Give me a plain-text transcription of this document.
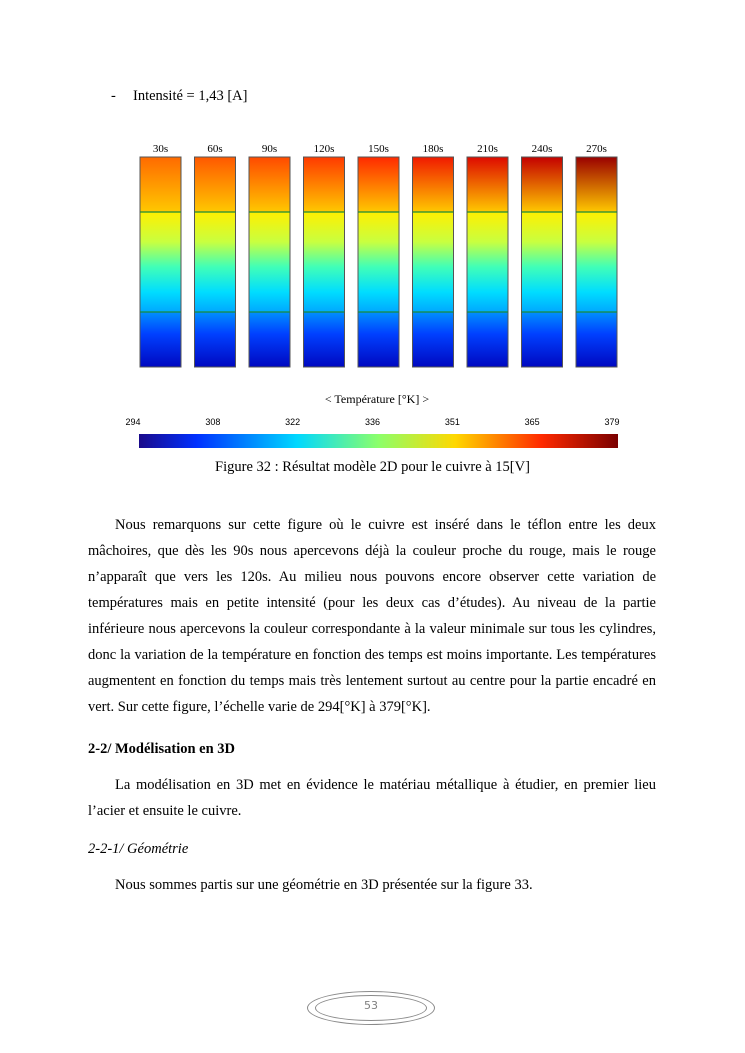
- Intensité = 1,43 [A]
30s	60s	90s	120s	150s	180s	210s	240s	270s
< Température [°K] >
294	308	322	336	351	365	379
Figure 32 : Résultat modèle 2D pour le cuivre à 15[V]

Nous remarquons sur cette figure où le cuivre est inséré dans le téflon entre les deux mâchoires, que dès les 90s nous apercevons déjà la couleur proche du rouge, mais le rouge n’apparaît que vers les 120s. Au milieu nous pouvons encore observer cette variation de températures mais en petite intensité (pour les deux cas d’études). Au niveau de la partie inférieure nous apercevons la couleur correspondante à la valeur minimale sur tous les cylindres, donc la variation de la température en fonction des temps est moins importante. Les températures augmentent en fonction du temps mais très lentement surtout au centre pour la partie encadré en vert. Sur cette figure, l’échelle varie de 294[°K] à 379[°K].

2-2/ Modélisation en 3D

La modélisation en 3D met en évidence le matériau métallique à étudier, en premier lieu l’acier et ensuite le cuivre.

2-2-1/ Géométrie

Nous sommes partis sur une géométrie en 3D présentée sur la figure 33.

53
